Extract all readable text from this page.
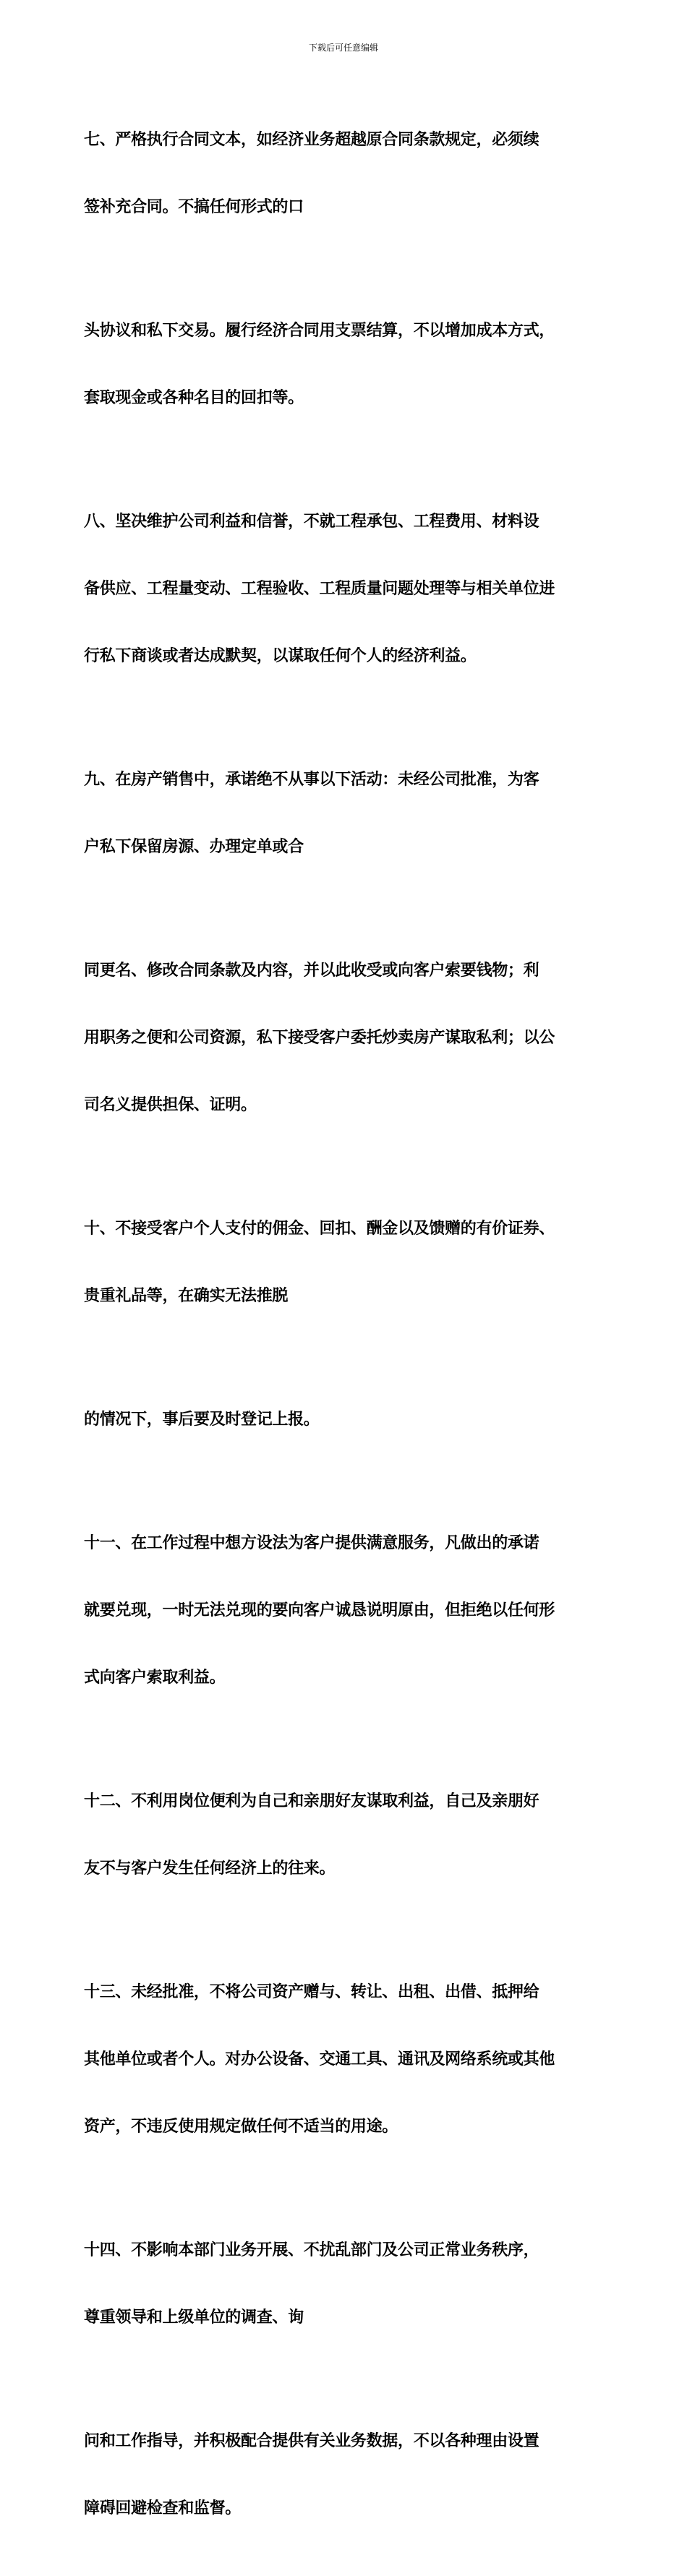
下载后可任意编辑

七、严格执行合同文本，如经济业务超越原合同条款规定，必须续

签补充合同。不搞任何形式的口

头协议和私下交易。履行经济合同用支票结算，不以增加成本方式，

套取现金或各种名目的回扣等。

八、坚决维护公司利益和信誉，不就工程承包、工程费用、材料设

备供应、工程量变动、工程验收、工程质量问题处理等与相关单位进

行私下商谈或者达成默契，以谋取任何个人的经济利益。

九、在房产销售中，承诺绝不从事以下活动：未经公司批准，为客

户私下保留房源、办理定单或合

同更名、修改合同条款及内容，并以此收受或向客户索要钱物；利

用职务之便和公司资源，私下接受客户委托炒卖房产谋取私利；以公

司名义提供担保、证明。

十、不接受客户个人支付的佣金、回扣、酬金以及馈赠的有价证券、

贵重礼品等，在确实无法推脱

的情况下，事后要及时登记上报。

十一、在工作过程中想方设法为客户提供满意服务，凡做出的承诺

就要兑现，一时无法兑现的要向客户诚恳说明原由，但拒绝以任何形

式向客户索取利益。

十二、不利用岗位便利为自己和亲朋好友谋取利益，自己及亲朋好

友不与客户发生任何经济上的往来。

十三、未经批准，不将公司资产赠与、转让、出租、出借、抵押给

其他单位或者个人。对办公设备、交通工具、通讯及网络系统或其他

资产，不违反使用规定做任何不适当的用途。

十四、不影响本部门业务开展、不扰乱部门及公司正常业务秩序，

尊重领导和上级单位的调查、询

问和工作指导，并积极配合提供有关业务数据，不以各种理由设置

障碍回避检查和监督。
